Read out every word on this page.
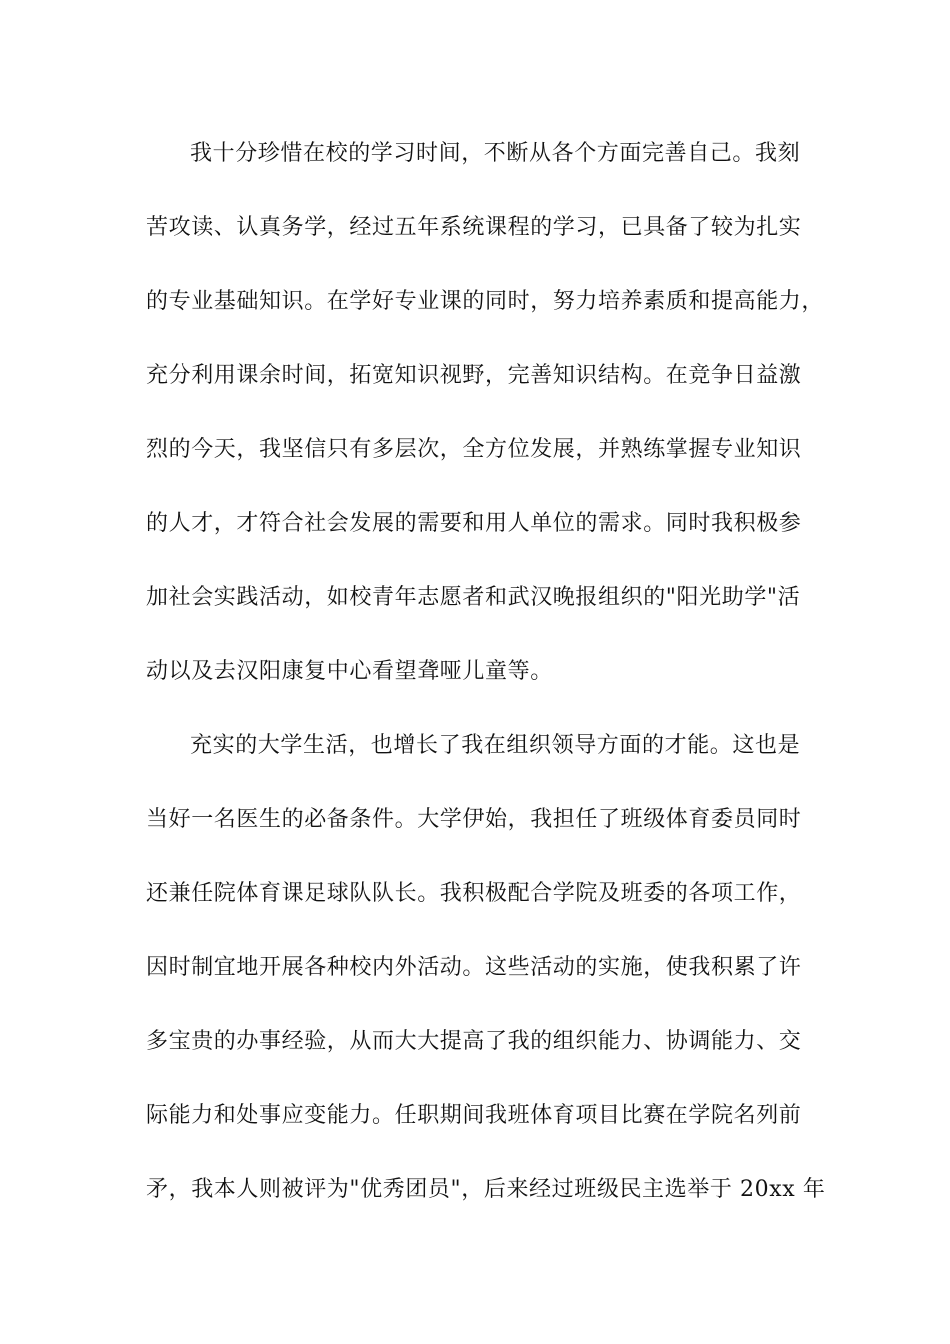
我十分珍惜在校的学习时间，不断从各个方面完善自己。我刻
苦攻读、认真务学，经过五年系统课程的学习，已具备了较为扎实
的专业基础知识。在学好专业课的同时，努力培养素质和提高能力，
充分利用课余时间，拓宽知识视野，完善知识结构。在竞争日益激
烈的今天，我坚信只有多层次，全方位发展，并熟练掌握专业知识
的人才，才符合社会发展的需要和用人单位的需求。同时我积极参
加社会实践活动，如校青年志愿者和武汉晚报组织的"阳光助学"活
动以及去汉阳康复中心看望聋哑儿童等。
充实的大学生活，也增长了我在组织领导方面的才能。这也是
当好一名医生的必备条件。大学伊始，我担任了班级体育委员同时
还兼任院体育课足球队队长。我积极配合学院及班委的各项工作，
因时制宜地开展各种校内外活动。这些活动的实施，使我积累了许
多宝贵的办事经验，从而大大提高了我的组织能力、协调能力、交
际能力和处事应变能力。任职期间我班体育项目比赛在学院名列前
矛，我本人则被评为"优秀团员"，后来经过班级民主选举于 20xx 年
